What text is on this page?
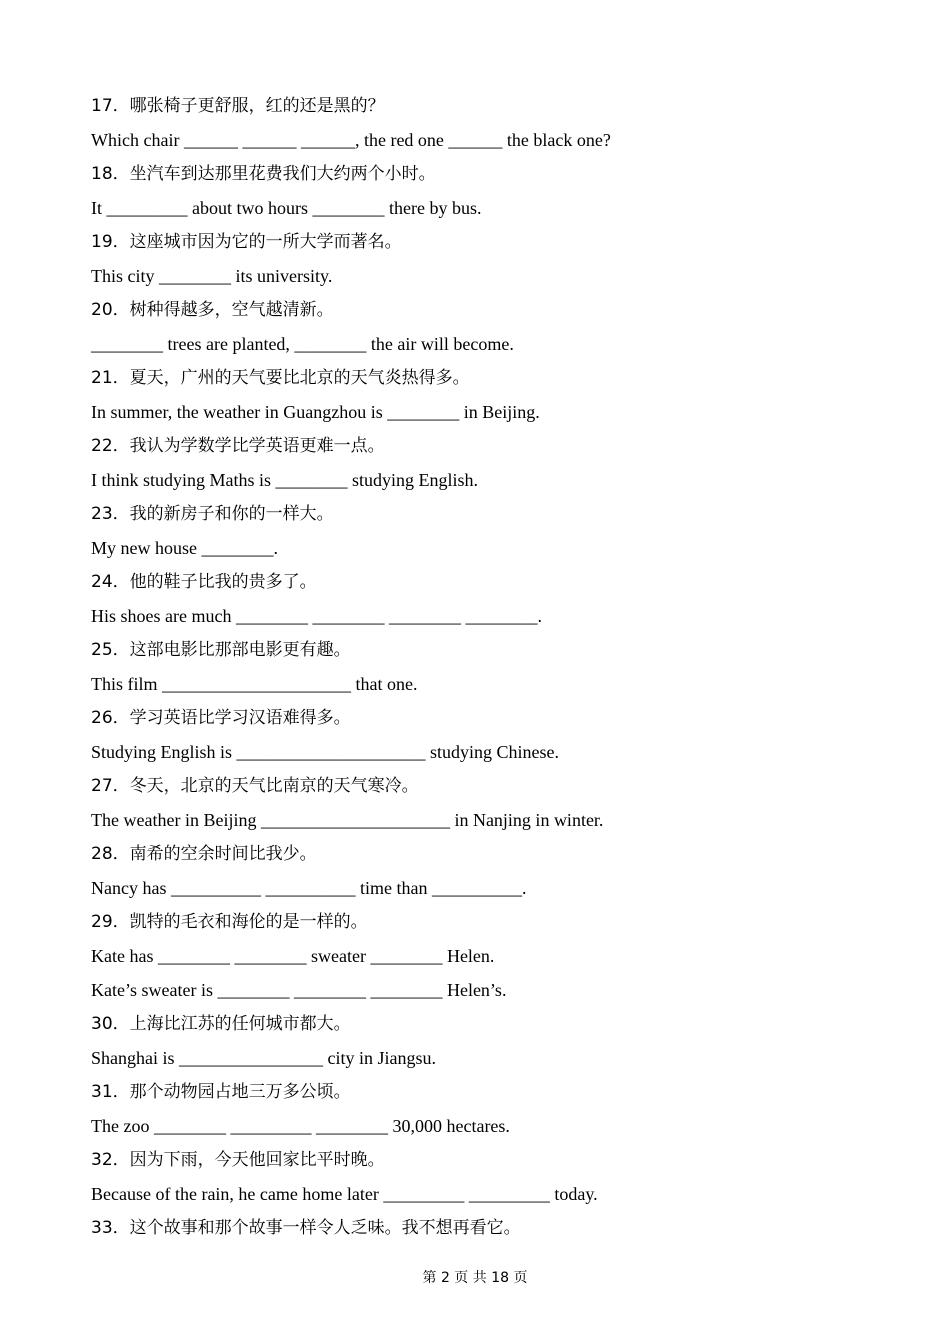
17．哪张椅子更舒服，红的还是黑的？
Which chair ______ ______ ______, the red one ______ the black one?
18．坐汽车到达那里花费我们大约两个小时。
It _________ about two hours ________ there by bus.
19．这座城市因为它的一所大学而著名。
This city ________ its university.
20．树种得越多，空气越清新。
________ trees are planted, ________ the air will become.
21．夏天，广州的天气要比北京的天气炎热得多。
In summer, the weather in Guangzhou is ________ in Beijing.
22．我认为学数学比学英语更难一点。
I think studying Maths is ________ studying English.
23．我的新房子和你的一样大。
My new house ________.
24．他的鞋子比我的贵多了。
His shoes are much ________ ________ ________ ________.
25．这部电影比那部电影更有趣。
This film _____________________ that one.
26．学习英语比学习汉语难得多。
Studying English is _____________________ studying Chinese.
27．冬天，北京的天气比南京的天气寒冷。
The weather in Beijing _____________________ in Nanjing in winter.
28．南希的空余时间比我少。
Nancy has __________ __________ time than __________.
29．凯特的毛衣和海伦的是一样的。
Kate has ________ ________ sweater ________ Helen.
Kate’s sweater is ________ ________ ________ Helen’s.
30．上海比江苏的任何城市都大。
Shanghai is ________________ city in Jiangsu.
31．那个动物园占地三万多公顷。
The zoo ________ _________ ________ 30,000 hectares.
32．因为下雨，今天他回家比平时晚。
Because of the rain, he came home later _________ _________ today.
33．这个故事和那个故事一样令人乏味。我不想再看它。
第 2 页 共 18 页
